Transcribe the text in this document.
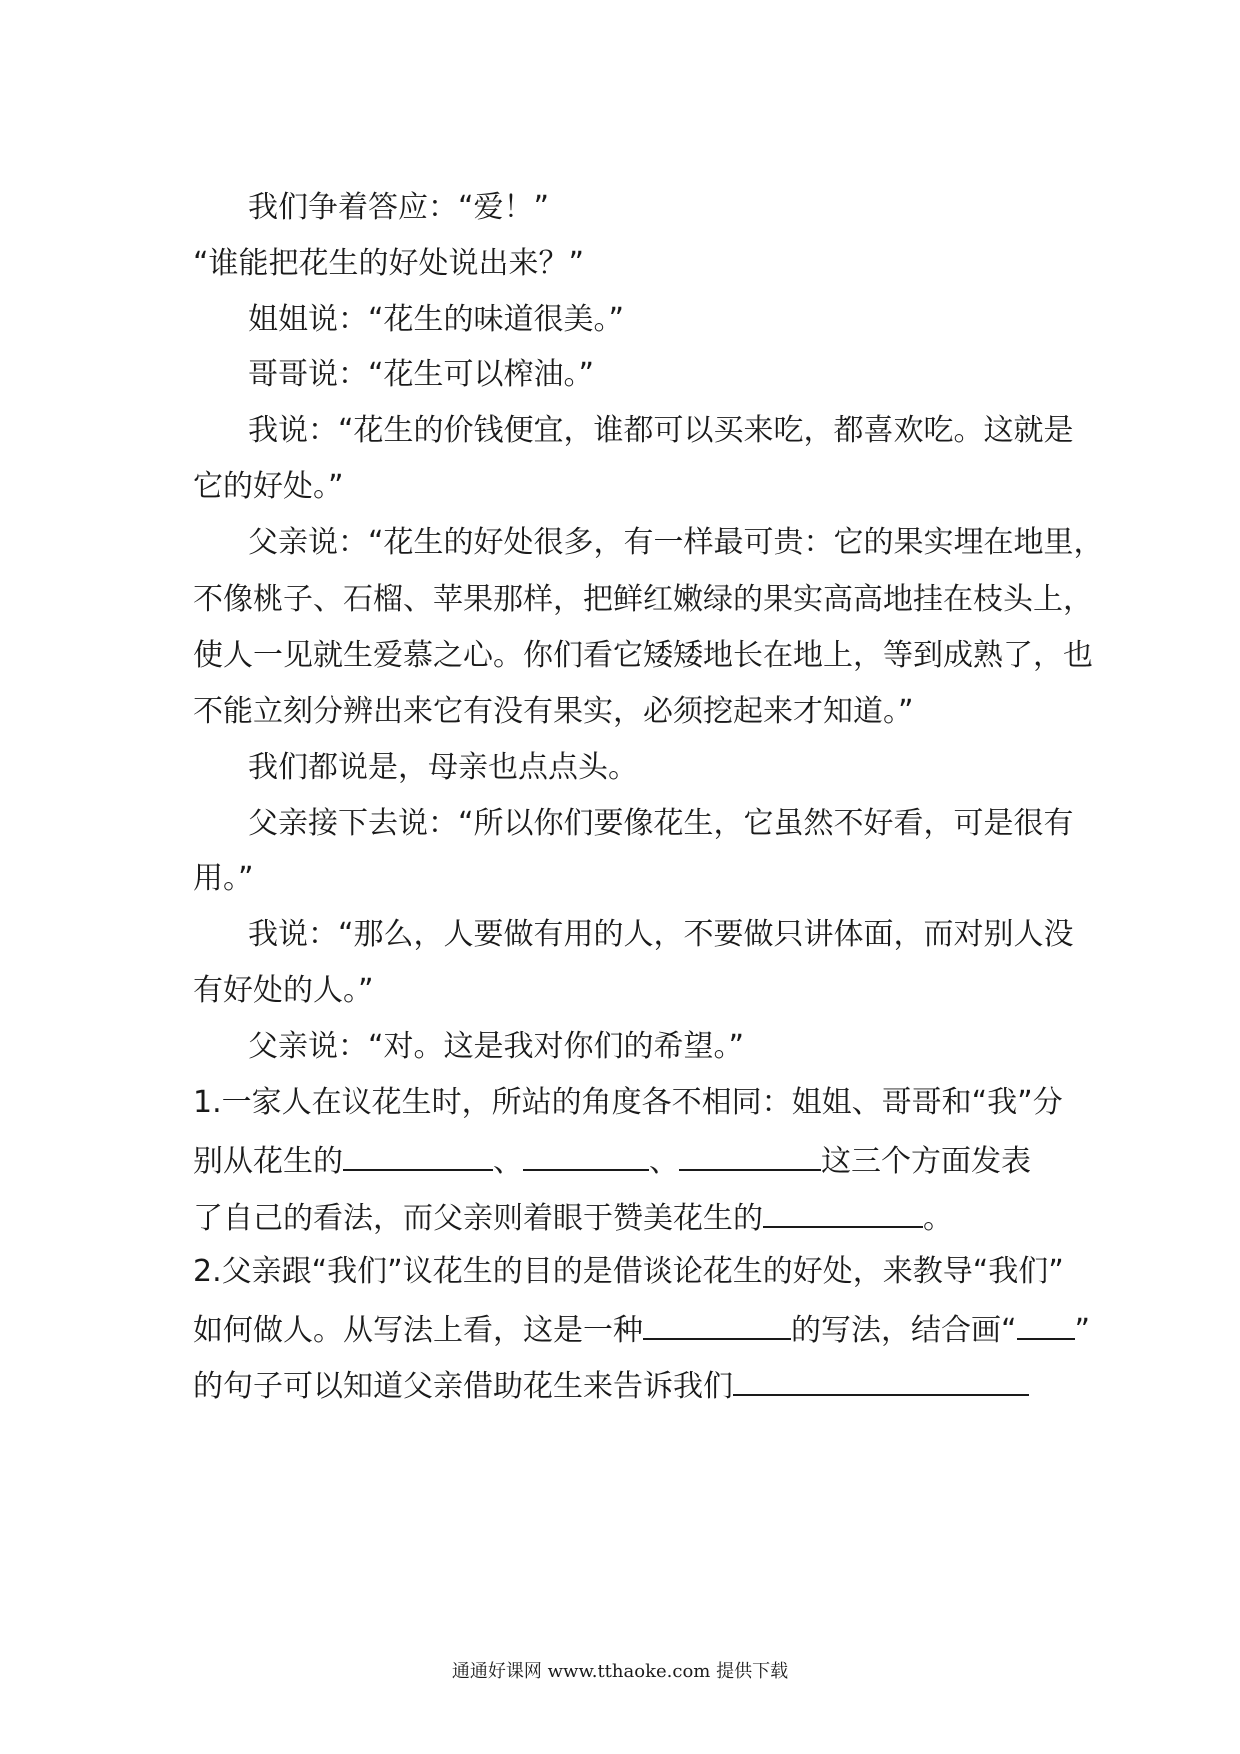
我们争着答应：“爱！”
“谁能把花生的好处说出来？”
姐姐说：“花生的味道很美。”
哥哥说：“花生可以榨油。”
我说：“花生的价钱便宜，谁都可以买来吃，都喜欢吃。这就是
它的好处。”
父亲说：“花生的好处很多，有一样最可贵：它的果实埋在地里，
不像桃子、石榴、苹果那样，把鲜红嫩绿的果实高高地挂在枝头上，
使人一见就生爱慕之心。你们看它矮矮地长在地上，等到成熟了，也
不能立刻分辨出来它有没有果实，必须挖起来才知道。”
我们都说是，母亲也点点头。
父亲接下去说：“所以你们要像花生，它虽然不好看，可是很有
用。”
我说：“那么，人要做有用的人，不要做只讲体面，而对别人没
有好处的人。”
父亲说：“对。这是我对你们的希望。”
1.一家人在议花生时，所站的角度各不相同：姐姐、哥哥和“我”分
别从花生的	、	、	这三个方面发表
了自己的看法，而父亲则着眼于赞美花生的	。
2.父亲跟“我们”议花生的目的是借谈论花生的好处，来教导“我们”
如何做人。从写法上看，这是一种	的写法，结合画“ ”
的句子可以知道父亲借助花生来告诉我们
通通好课网 www.tthaoke.com 提供下载
